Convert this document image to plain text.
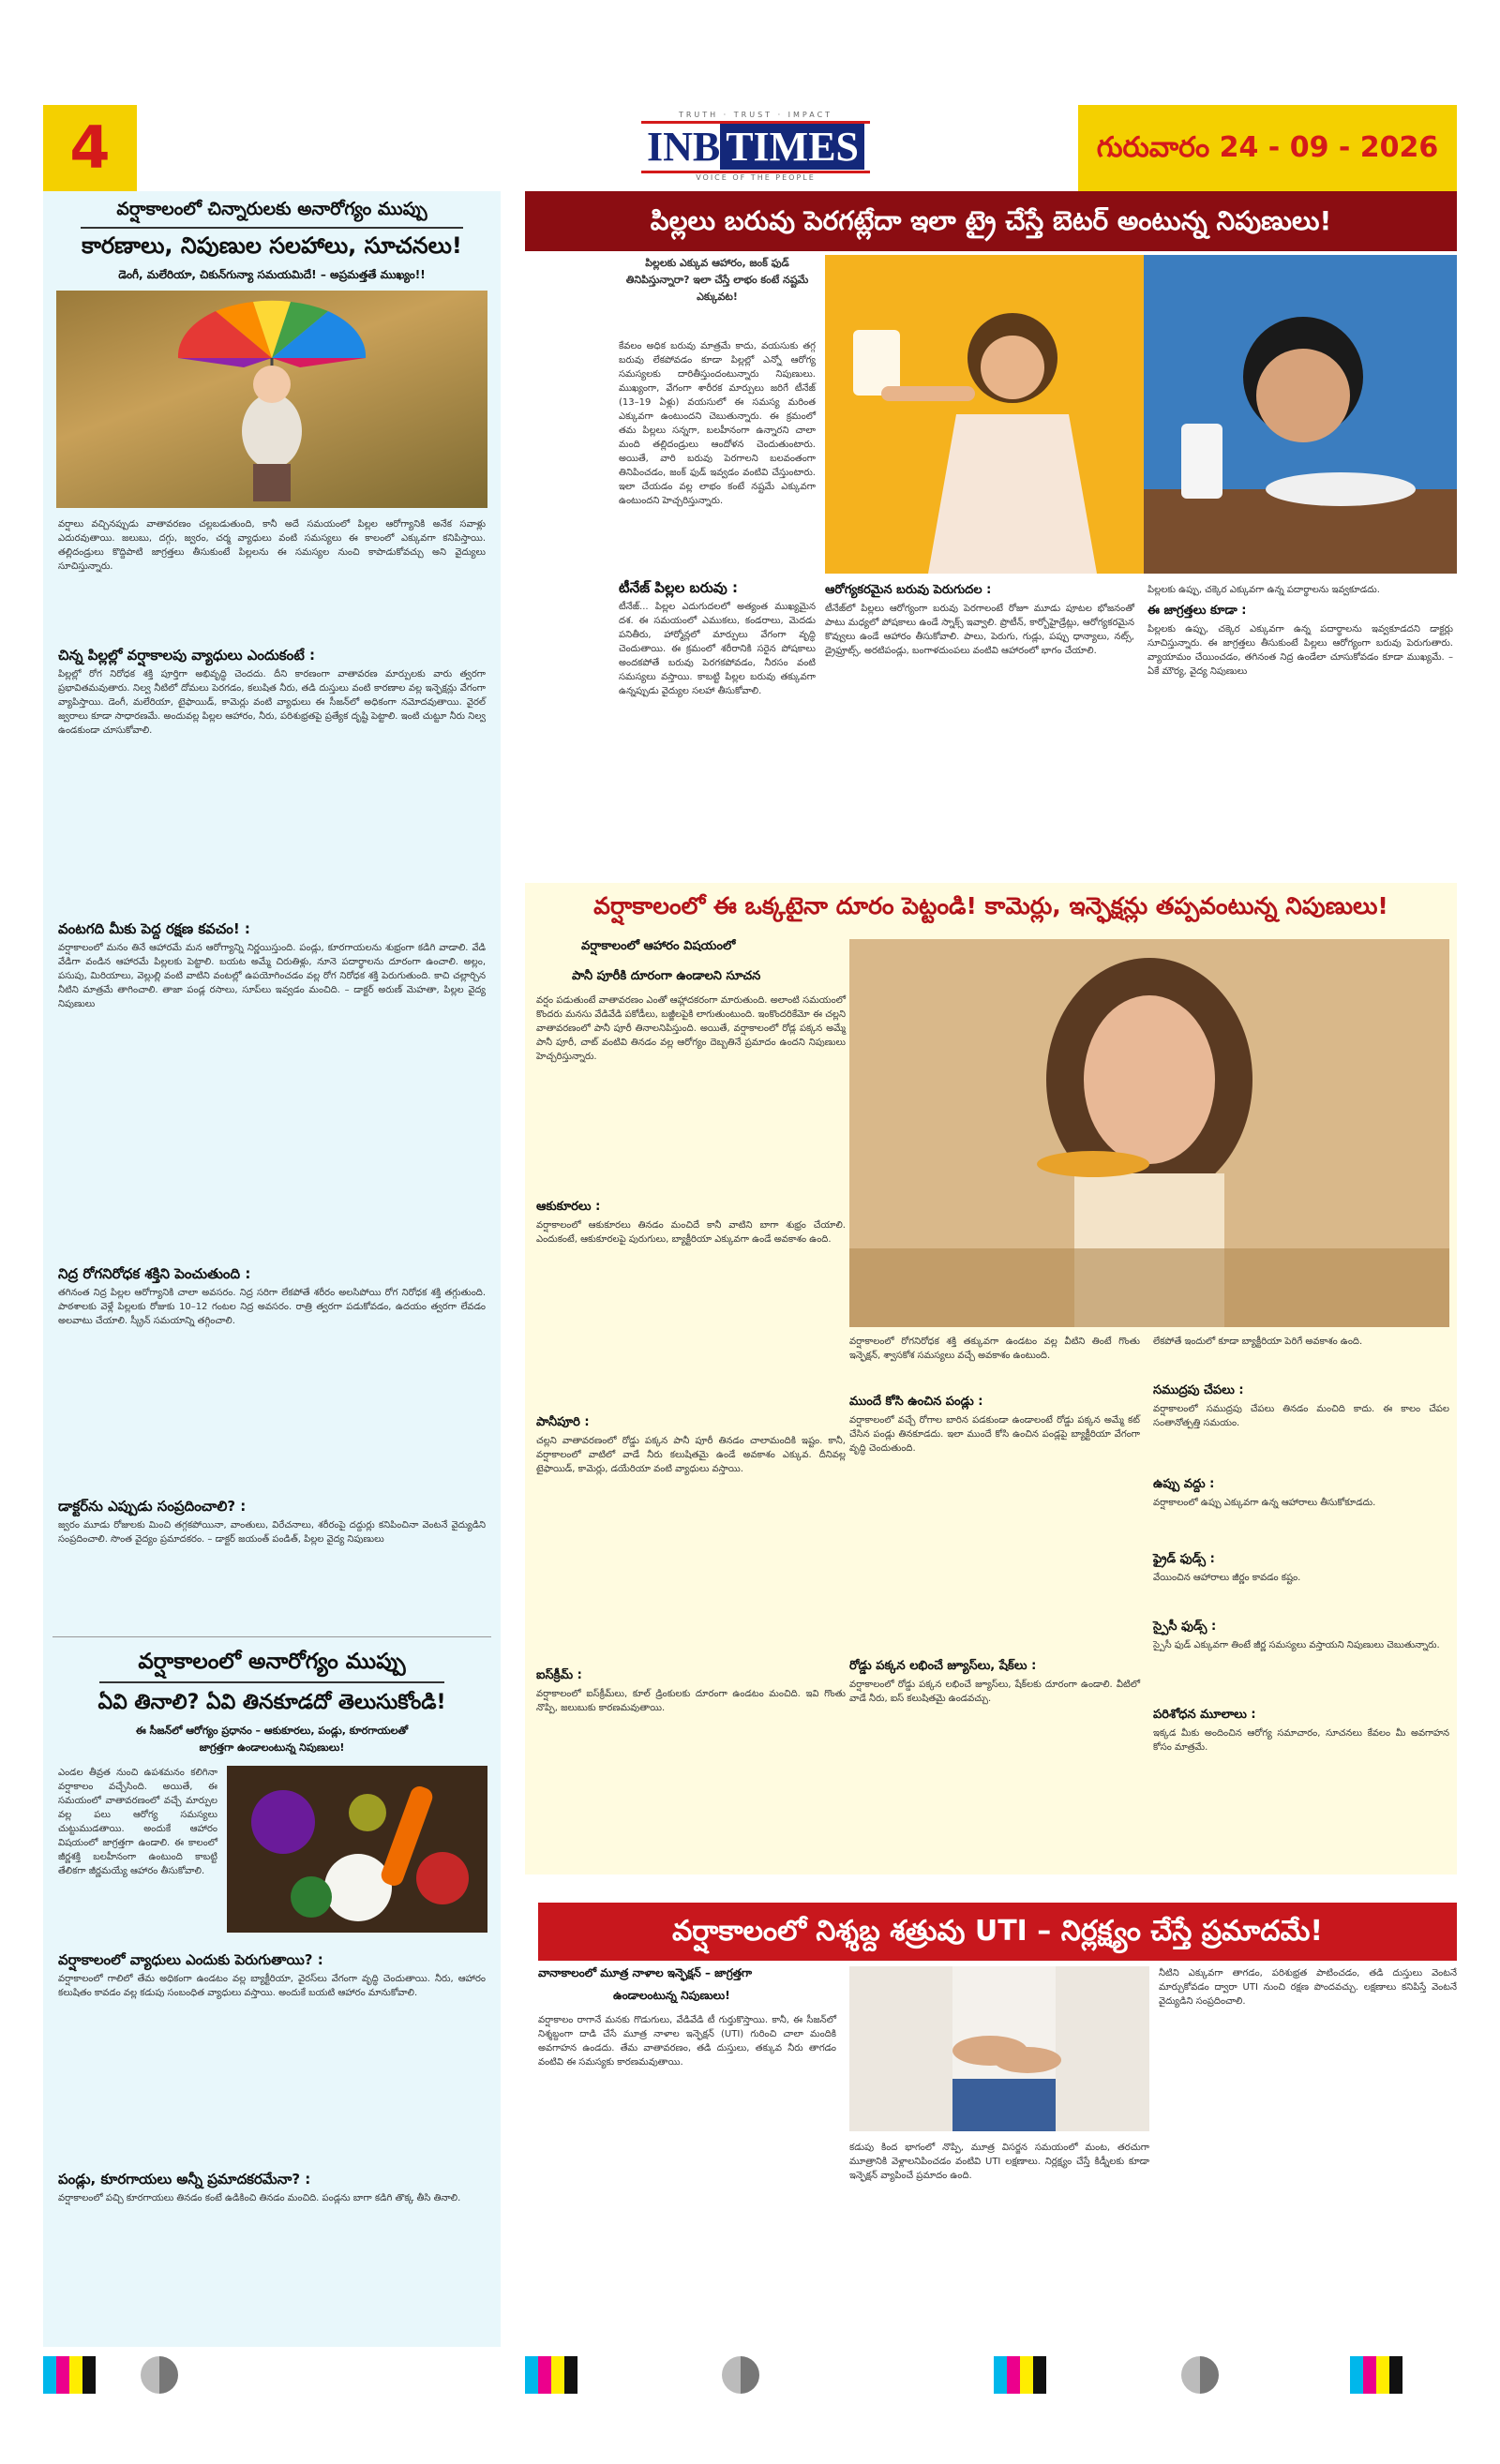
4	TRUTH · TRUST · IMPACT
INB TIMES
VOICE OF THE PEOPLE
గురువారం 24 - 09 - 2026
వర్షాకాలంలో చిన్నారులకు అనారోగ్యం ముప్పు
కారణాలు, నిపుణుల సలహాలు, సూచనలు!
డెంగీ, మలేరియా, చికున్‌గున్యా సమయమిదే! – అప్రమత్తతే ముఖ్యం!!
వర్షాలు వచ్చినప్పుడు వాతావరణం చల్లబడుతుంది, కానీ అదే సమయంలో పిల్లల ఆరోగ్యానికి అనేక సవాళ్లు ఎదురవుతాయి. జలుబు, దగ్గు, జ్వరం, చర్మ వ్యాధులు వంటి సమస్యలు ఈ కాలంలో ఎక్కువగా కనిపిస్తాయి. తల్లిదండ్రులు కొద్దిపాటి జాగ్రత్తలు తీసుకుంటే పిల్లలను ఈ సమస్యల నుంచి కాపాడుకోవచ్చు అని వైద్యులు సూచిస్తున్నారు.
చిన్న పిల్లల్లో వర్షాకాలపు వ్యాధులు ఎందుకంటే :
పిల్లల్లో రోగ నిరోధక శక్తి పూర్తిగా అభివృద్ధి చెందదు. దీని కారణంగా వాతావరణ మార్పులకు వారు త్వరగా ప్రభావితమవుతారు. నిల్వ నీటిలో దోమలు పెరగడం, కలుషిత నీరు, తడి దుస్తులు వంటి కారణాల వల్ల ఇన్ఫెక్షన్లు వేగంగా వ్యాపిస్తాయి. డెంగీ, మలేరియా, టైఫాయిడ్, కామెర్లు వంటి వ్యాధులు ఈ సీజన్‌లో అధికంగా నమోదవుతాయి. వైరల్ జ్వరాలు కూడా సాధారణమే. అందువల్ల పిల్లల ఆహారం, నీరు, పరిశుభ్రతపై ప్రత్యేక దృష్టి పెట్టాలి. ఇంటి చుట్టూ నీరు నిల్వ ఉండకుండా చూసుకోవాలి.
వంటగది మీకు పెద్ద రక్షణ కవచం! :
వర్షాకాలంలో మనం తినే ఆహారమే మన ఆరోగ్యాన్ని నిర్ణయిస్తుంది. పండ్లు, కూరగాయలను శుభ్రంగా కడిగి వాడాలి. వేడి వేడిగా వండిన ఆహారమే పిల్లలకు పెట్టాలి. బయట అమ్మే చిరుతిళ్లు, నూనె పదార్థాలను దూరంగా ఉంచాలి. అల్లం, పసుపు, మిరియాలు, వెల్లుల్లి వంటి వాటిని వంటల్లో ఉపయోగించడం వల్ల రోగ నిరోధక శక్తి పెరుగుతుంది. కాచి చల్లార్చిన నీటిని మాత్రమే తాగించాలి. తాజా పండ్ల రసాలు, సూప్‌లు ఇవ్వడం మంచిది. – డాక్టర్ అరుణ్ మెహతా, పిల్లల వైద్య నిపుణులు
నిద్ర రోగనిరోధక శక్తిని పెంచుతుంది :
తగినంత నిద్ర పిల్లల ఆరోగ్యానికి చాలా అవసరం. నిద్ర సరిగా లేకపోతే శరీరం అలసిపోయి రోగ నిరోధక శక్తి తగ్గుతుంది. పాఠశాలకు వెళ్లే పిల్లలకు రోజుకు 10–12 గంటల నిద్ర అవసరం. రాత్రి త్వరగా పడుకోవడం, ఉదయం త్వరగా లేవడం అలవాటు చేయాలి. స్క్రీన్ సమయాన్ని తగ్గించాలి.
డాక్టర్‌ను ఎప్పుడు సంప్రదించాలి? :
జ్వరం మూడు రోజులకు మించి తగ్గకపోయినా, వాంతులు, విరేచనాలు, శరీరంపై దద్దుర్లు కనిపించినా వెంటనే వైద్యుడిని సంప్రదించాలి. సొంత వైద్యం ప్రమాదకరం. – డాక్టర్ జయంత్ పండిత్, పిల్లల వైద్య నిపుణులు
వర్షాకాలంలో అనారోగ్యం ముప్పు
ఏవి తినాలి? ఏవి తినకూడదో తెలుసుకోండి!
ఈ సీజన్‌లో ఆరోగ్యం ప్రధానం – ఆకుకూరలు, పండ్లు, కూరగాయలతో
జాగ్రత్తగా ఉండాలంటున్న నిపుణులు!
ఎండల తీవ్రత నుంచి ఉపశమనం కలిగినా వర్షాకాలం వచ్చేసింది. అయితే, ఈ సమయంలో వాతావరణంలో వచ్చే మార్పుల వల్ల పలు ఆరోగ్య సమస్యలు చుట్టుముడతాయి. అందుకే ఆహారం విషయంలో జాగ్రత్తగా ఉండాలి. ఈ కాలంలో జీర్ణశక్తి బలహీనంగా ఉంటుంది కాబట్టి తేలికగా జీర్ణమయ్యే ఆహారం తీసుకోవాలి.
వర్షాకాలంలో వ్యాధులు ఎందుకు పెరుగుతాయి? :
వర్షాకాలంలో గాలిలో తేమ అధికంగా ఉండటం వల్ల బ్యాక్టీరియా, వైరస్‌లు వేగంగా వృద్ధి చెందుతాయి. నీరు, ఆహారం కలుషితం కావడం వల్ల కడుపు సంబంధిత వ్యాధులు వస్తాయి. అందుకే బయటి ఆహారం మానుకోవాలి.
పండ్లు, కూరగాయలు అన్నీ ప్రమాదకరమేనా? :
వర్షాకాలంలో పచ్చి కూరగాయలు తినడం కంటే ఉడికించి తినడం మంచిది. పండ్లను బాగా కడిగి తొక్క తీసి తినాలి.
పిల్లలు బరువు పెరగట్లేదా ఇలా ట్రై చేస్తే బెటర్ అంటున్న నిపుణులు!
పిల్లలకు ఎక్కువ ఆహారం, జంక్ ఫుడ్ తినిపిస్తున్నారా? ఇలా చేస్తే లాభం కంటే నష్టమే ఎక్కువట!
కేవలం అధిక బరువు మాత్రమే కాదు, వయసుకు తగ్గ బరువు లేకపోవడం కూడా పిల్లల్లో ఎన్నో ఆరోగ్య సమస్యలకు దారితీస్తుందంటున్నారు నిపుణులు. ముఖ్యంగా, వేగంగా శారీరక మార్పులు జరిగే టీనేజ్ (13–19 ఏళ్లు) వయసులో ఈ సమస్య మరింత ఎక్కువగా ఉంటుందని చెబుతున్నారు. ఈ క్రమంలో తమ పిల్లలు సన్నగా, బలహీనంగా ఉన్నారని చాలా మంది తల్లిదండ్రులు ఆందోళన చెందుతుంటారు. అయితే, వారి బరువు పెరగాలని బలవంతంగా తినిపించడం, జంక్ ఫుడ్ ఇవ్వడం వంటివి చేస్తుంటారు. ఇలా చేయడం వల్ల లాభం కంటే నష్టమే ఎక్కువగా ఉంటుందని హెచ్చరిస్తున్నారు.
టీనేజ్ పిల్లల బరువు :
టీనేజ్... పిల్లల ఎదుగుదలలో అత్యంత ముఖ్యమైన దశ. ఈ సమయంలో ఎముకలు, కండరాలు, మెదడు పనితీరు, హార్మోన్లలో మార్పులు వేగంగా వృద్ధి చెందుతాయి. ఈ క్రమంలో శరీరానికి సరైన పోషకాలు అందకపోతే బరువు పెరగకపోవడం, నీరసం వంటి సమస్యలు వస్తాయి. కాబట్టి పిల్లల బరువు తక్కువగా ఉన్నప్పుడు వైద్యుల సలహా తీసుకోవాలి.
ఆరోగ్యకరమైన బరువు పెరుగుదల :
టీనేజ్‌లో పిల్లలు ఆరోగ్యంగా బరువు పెరగాలంటే రోజూ మూడు పూటల భోజనంతో పాటు మధ్యలో పోషకాలు ఉండే స్నాక్స్ ఇవ్వాలి. ప్రొటీన్, కార్బోహైడ్రేట్లు, ఆరోగ్యకరమైన కొవ్వులు ఉండే ఆహారం తీసుకోవాలి. పాలు, పెరుగు, గుడ్లు, పప్పు ధాన్యాలు, నట్స్, డ్రైఫ్రూట్స్, అరటిపండ్లు, బంగాళదుంపలు వంటివి ఆహారంలో భాగం చేయాలి.
పిల్లలకు ఉప్పు, చక్కెర ఎక్కువగా ఉన్న పదార్థాలను ఇవ్వకూడదు.
ఈ జాగ్రత్తలు కూడా :
పిల్లలకు ఉప్పు, చక్కెర ఎక్కువగా ఉన్న పదార్థాలను ఇవ్వకూడదని డాక్టర్లు సూచిస్తున్నారు. ఈ జాగ్రత్తలు తీసుకుంటే పిల్లలు ఆరోగ్యంగా బరువు పెరుగుతారు. వ్యాయామం చేయించడం, తగినంత నిద్ర ఉండేలా చూసుకోవడం కూడా ముఖ్యమే. – ఏకే మౌర్య, వైద్య నిపుణులు
వర్షాకాలంలో ఈ ఒక్కటైనా దూరం పెట్టండి! కామెర్లు, ఇన్ఫెక్షన్లు తప్పవంటున్న నిపుణులు!
వర్షాకాలంలో ఆహారం విషయంలో
పానీ పూరీకి దూరంగా ఉండాలని సూచన
వర్షం పడుతుంటే వాతావరణం ఎంతో ఆహ్లాదకరంగా మారుతుంది. అలాంటి సమయంలో కొందరు మనసు వేడివేడి పకోడీలు, బజ్జీలపైకి లాగుతుంటుంది. ఇంకొందరికేమో ఈ చల్లని వాతావరణంలో పానీ పూరీ తినాలనిపిస్తుంది. అయితే, వర్షాకాలంలో రోడ్ల పక్కన అమ్మే పానీ పూరీ, చాట్ వంటివి తినడం వల్ల ఆరోగ్యం దెబ్బతినే ప్రమాదం ఉందని నిపుణులు హెచ్చరిస్తున్నారు.
ఆకుకూరలు :
వర్షాకాలంలో ఆకుకూరలు తినడం మంచిదే కానీ వాటిని బాగా శుభ్రం చేయాలి. ఎందుకంటే, ఆకుకూరలపై పురుగులు, బ్యాక్టీరియా ఎక్కువగా ఉండే అవకాశం ఉంది.
పానీపూరి :
చల్లని వాతావరణంలో రోడ్డు పక్కన పానీ పూరీ తినడం చాలామందికి ఇష్టం. కానీ, వర్షాకాలంలో వాటిలో వాడే నీరు కలుషితమై ఉండే అవకాశం ఎక్కువ. దీనివల్ల టైఫాయిడ్, కామెర్లు, డయేరియా వంటి వ్యాధులు వస్తాయి.
ఐస్‌క్రీమ్ :
వర్షాకాలంలో ఐస్‌క్రీమ్‌లు, కూల్ డ్రింకులకు దూరంగా ఉండటం మంచిది. ఇవి గొంతు నొప్పి, జలుబుకు కారణమవుతాయి.
వర్షాకాలంలో రోగనిరోధక శక్తి తక్కువగా ఉండటం వల్ల వీటిని తింటే గొంతు ఇన్ఫెక్షన్, శ్వాసకోశ సమస్యలు వచ్చే అవకాశం ఉంటుంది.
ముందే కోసి ఉంచిన పండ్లు :
వర్షాకాలంలో వచ్చే రోగాల బారిన పడకుండా ఉండాలంటే రోడ్డు పక్కన అమ్మే కట్ చేసిన పండ్లు తినకూడదు. ఇలా ముందే కోసి ఉంచిన పండ్లపై బ్యాక్టీరియా వేగంగా వృద్ధి చెందుతుంది.
రోడ్డు పక్కన లభించే జ్యూస్‌లు, షేక్‌లు :
వర్షాకాలంలో రోడ్డు పక్కన లభించే జ్యూస్‌లు, షేక్‌లకు దూరంగా ఉండాలి. వీటిలో వాడే నీరు, ఐస్ కలుషితమై ఉండవచ్చు.
లేకపోతే ఇందులో కూడా బ్యాక్టీరియా పెరిగే అవకాశం ఉంది.
సముద్రపు చేపలు :
వర్షాకాలంలో సముద్రపు చేపలు తినడం మంచిది కాదు. ఈ కాలం చేపల సంతానోత్పత్తి సమయం.
ఉప్పు వద్దు :
వర్షాకాలంలో ఉప్పు ఎక్కువగా ఉన్న ఆహారాలు తీసుకోకూడదు.
ఫ్రైడ్ ఫుడ్స్ :
వేయించిన ఆహారాలు జీర్ణం కావడం కష్టం.
స్పైసీ ఫుడ్స్ :
స్పైసీ ఫుడ్ ఎక్కువగా తింటే జీర్ణ సమస్యలు వస్తాయని నిపుణులు చెబుతున్నారు.
పరిశోధన మూలాలు :
ఇక్కడ మీకు అందించిన ఆరోగ్య సమాచారం, సూచనలు కేవలం మీ అవగాహన కోసం మాత్రమే.
వర్షాకాలంలో నిశ్శబ్ద శత్రువు UTI – నిర్లక్ష్యం చేస్తే ప్రమాదమే!
వానాకాలంలో మూత్ర నాళాల ఇన్ఫెక్షన్ – జాగ్రత్తగా
ఉండాలంటున్న నిపుణులు!
వర్షాకాలం రాగానే మనకు గొడుగులు, వేడివేడి టీ గుర్తుకొస్తాయి. కానీ, ఈ సీజన్‌లో నిశ్శబ్దంగా దాడి చేసే మూత్ర నాళాల ఇన్ఫెక్షన్ (UTI) గురించి చాలా మందికి అవగాహన ఉండదు. తేమ వాతావరణం, తడి దుస్తులు, తక్కువ నీరు తాగడం వంటివి ఈ సమస్యకు కారణమవుతాయి.
కడుపు కింద భాగంలో నొప్పి, మూత్ర విసర్జన సమయంలో మంట, తరచుగా మూత్రానికి వెళ్లాలనిపించడం వంటివి UTI లక్షణాలు. నిర్లక్ష్యం చేస్తే కిడ్నీలకు కూడా ఇన్ఫెక్షన్ వ్యాపించే ప్రమాదం ఉంది.
నీటిని ఎక్కువగా తాగడం, పరిశుభ్రత పాటించడం, తడి దుస్తులు వెంటనే మార్చుకోవడం ద్వారా UTI నుంచి రక్షణ పొందవచ్చు. లక్షణాలు కనిపిస్తే వెంటనే వైద్యుడిని సంప్రదించాలి.
